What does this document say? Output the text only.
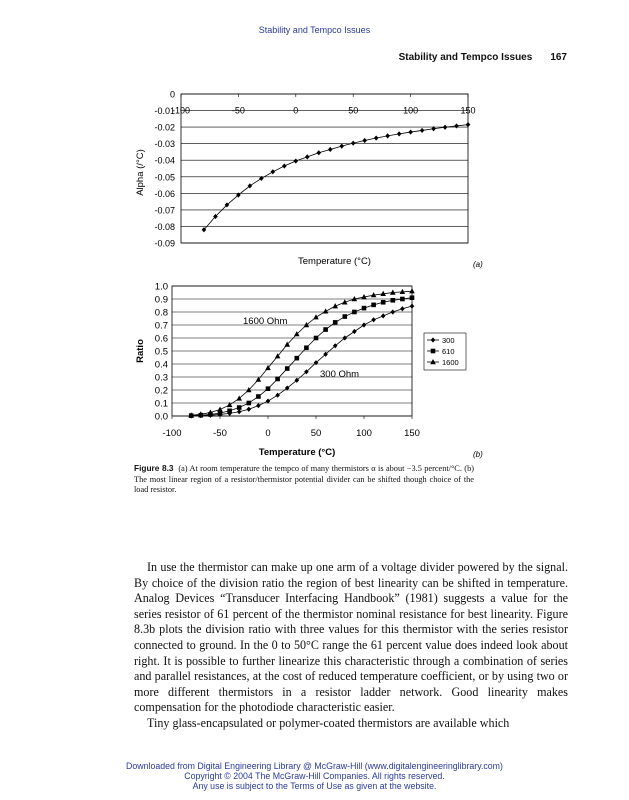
Stability and Tempco Issues
Stability and Tempco Issues 167
0
-0.01
-0.02
-0.03
-0.04
-0.05
-0.06
-0.07
-0.08
-0.09
-100	-50	0	50	100	150
Temperature (°C)
Alpha (/°C)
1.0
0.9
0.8
0.7
0.6
0.5
0.4
0.3
0.2
0.1
0.0
-100	-50	0	50	100	150
Temperature (°C)
Ratio
1600 Ohm
300 Ohm
300
610
1600
(a)
(b)
Figure 8.3 (a) At room temperature the tempco of many thermistors α is about −3.5 percent/°C. (b) The most linear region of a resistor/thermistor potential divider can be shifted though choice of the load resistor.

In use the thermistor can make up one arm of a voltage divider powered by the signal. By choice of the division ratio the region of best linearity can be shifted in temperature. Analog Devices “Transducer Interfacing Handbook” (1981) suggests a value for the series resistor of 61 percent of the thermistor nominal resistance for best linearity. Figure 8.3b plots the division ratio with three values for this thermistor with the series resistor connected to ground. In the 0 to 50°C range the 61 percent value does indeed look about right. It is possible to further linearize this characteristic through a combination of series and parallel resistances, at the cost of reduced temperature coefficient, or by using two or more different thermistors in a resistor ladder network. Good linearity makes compensation for the photodiode characteristic easier.

Tiny glass-encapsulated or polymer-coated thermistors are available which

Downloaded from Digital Engineering Library @ McGraw-Hill (www.digitalengineeringlibrary.com)
Copyright © 2004 The McGraw-Hill Companies. All rights reserved.
Any use is subject to the Terms of Use as given at the website.
